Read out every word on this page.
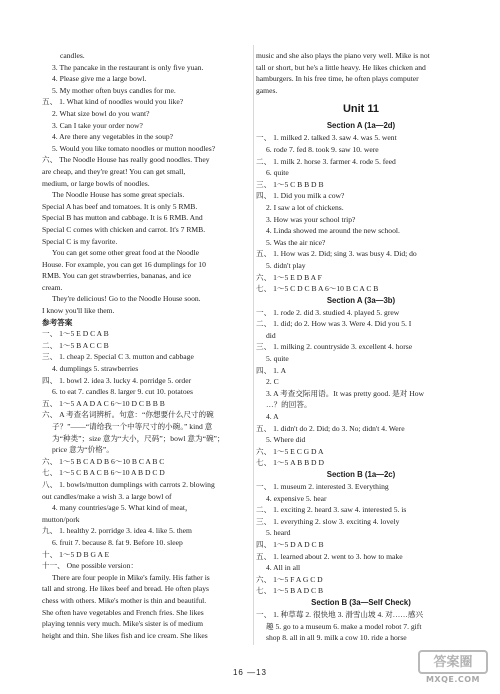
candles.
3. The pancake in the restaurant is only five yuan.
4. Please give me a large bowl.
5. My mother often buys candles for me.
五、 1. What kind of noodles would you like?
2. What size bowl do you want?
3. Can I take your order now?
4. Are there any vegetables in the soup?
5. Would you like tomato noodles or mutton noodles?
六、 The Noodle House has really good noodles. They
are cheap, and they're great! You can get small,
medium, or large bowls of noodles.
The Noodle House has some great specials.
Special A has beef and tomatoes. It is only 5 RMB.
Special B has mutton and cabbage. It is 6 RMB. And
Special C comes with chicken and carrot. It's 7 RMB.
Special C is my favorite.
You can get some other great food at the Noodle
House. For example, you can get 16 dumplings for 10
RMB. You can get strawberries, bananas, and ice
cream.
They're delicious! Go to the Noodle House soon.
I know you'll like them.
参考答案
一、 1～5 E D C A B
二、 1～5 B A C C B
三、 1. cheap 2. Special C 3. mutton and cabbage
4. dumplings 5. strawberries
四、 1. bowl 2. idea 3. lucky 4. porridge 5. order
6. to eat 7. candles 8. larger 9. cut 10. potatoes
五、 1～5 A A D A C 6～10 D C B B B
六、 A 考查名词辨析。句意：“你想要什么尺寸的碗
子？”——“请给我一个中等尺寸的小碗。” kind 意
为“种类”；size 意为“大小，尺码”；bowl 意为“碗”；
price 意为“价格”。
六、 1～5 B C A D B 6～10 B C A B C
七、 1～5 C B A C B 6～10 A B D C D
八、 1. bowls/mutton dumplings with carrots 2. blowing
out candles/make a wish 3. a large bowl of
4. many countries/age 5. What kind of meat，
mutton/pork
九、 1. healthy 2. porridge 3. idea 4. like 5. them
6. fruit 7. because 8. fat 9. Before 10. sleep
十、 1～5 D B G A E
十一、 One possible version：
There are four people in Mike's family. His father is
tall and strong. He likes beef and bread. He often plays
chess with others. Mike's mother is thin and beautiful.
She often have vegetables and French fries. She likes
playing tennis very much. Mike's sister is of medium
height and thin. She likes fish and ice cream. She likes
music and she also plays the piano very well. Mike is not
tall or short, but he's a little heavy. He likes chicken and
hamburgers. In his free time, he often plays computer
games.
Unit 11
Section A (1a—2d)
一、 1. milked 2. talked 3. saw 4. was 5. went
6. rode 7. fed 8. took 9. saw 10. were
二、 1. milk 2. horse 3. farmer 4. rode 5. feed
6. quite
三、 1～5 C B B D B
四、 1. Did you milk a cow?
2. I saw a lot of chickens.
3. How was your school trip?
4. Linda showed me around the new school.
5. Was the air nice?
五、 1. How was 2. Did; sing 3. was busy 4. Did; do
5. didn't play
六、 1～5 E D B A F
七、 1～5 C D C B A 6～10 B C A C B
Section A (3a—3b)
一、 1. rode 2. did 3. studied 4. played 5. grew
二、 1. did; do 2. How was 3. Were 4. Did you 5. I
did
三、 1. milking 2. countryside 3. excellent 4. horse
5. quite
四、 1. A
2. C
3. A 考查交际用语。It was pretty good. 是对 How
…？的回答。
4. A
五、 1. didn't do 2. Did; do 3. No; didn't 4. Were
5. Where did
六、 1～5 E C G D A
七、 1～5 A B B D D
Section B (1a—2c)
一、 1. museum 2. interested 3. Everything
4. expensive 5. hear
二、 1. exciting 2. heard 3. saw 4. interested 5. is
三、 1. everything 2. slow 3. exciting 4. lovely
5. heard
四、 1～5 D A D C B
五、 1. learned about 2. went to 3. how to make
4. All in all
六、 1～5 F A G C D
七、 1～5 B A D C B
Section B (3a—Self Check)
一、 1. 种草莓 2. 很快地 3. 滑雪山坡 4. 对……感兴
趣 5. go to a museum 6. make a model robot 7. gift
shop 8. all in all 9. milk a cow 10. ride a horse
16 —13
答案圈
MXQE.COM
